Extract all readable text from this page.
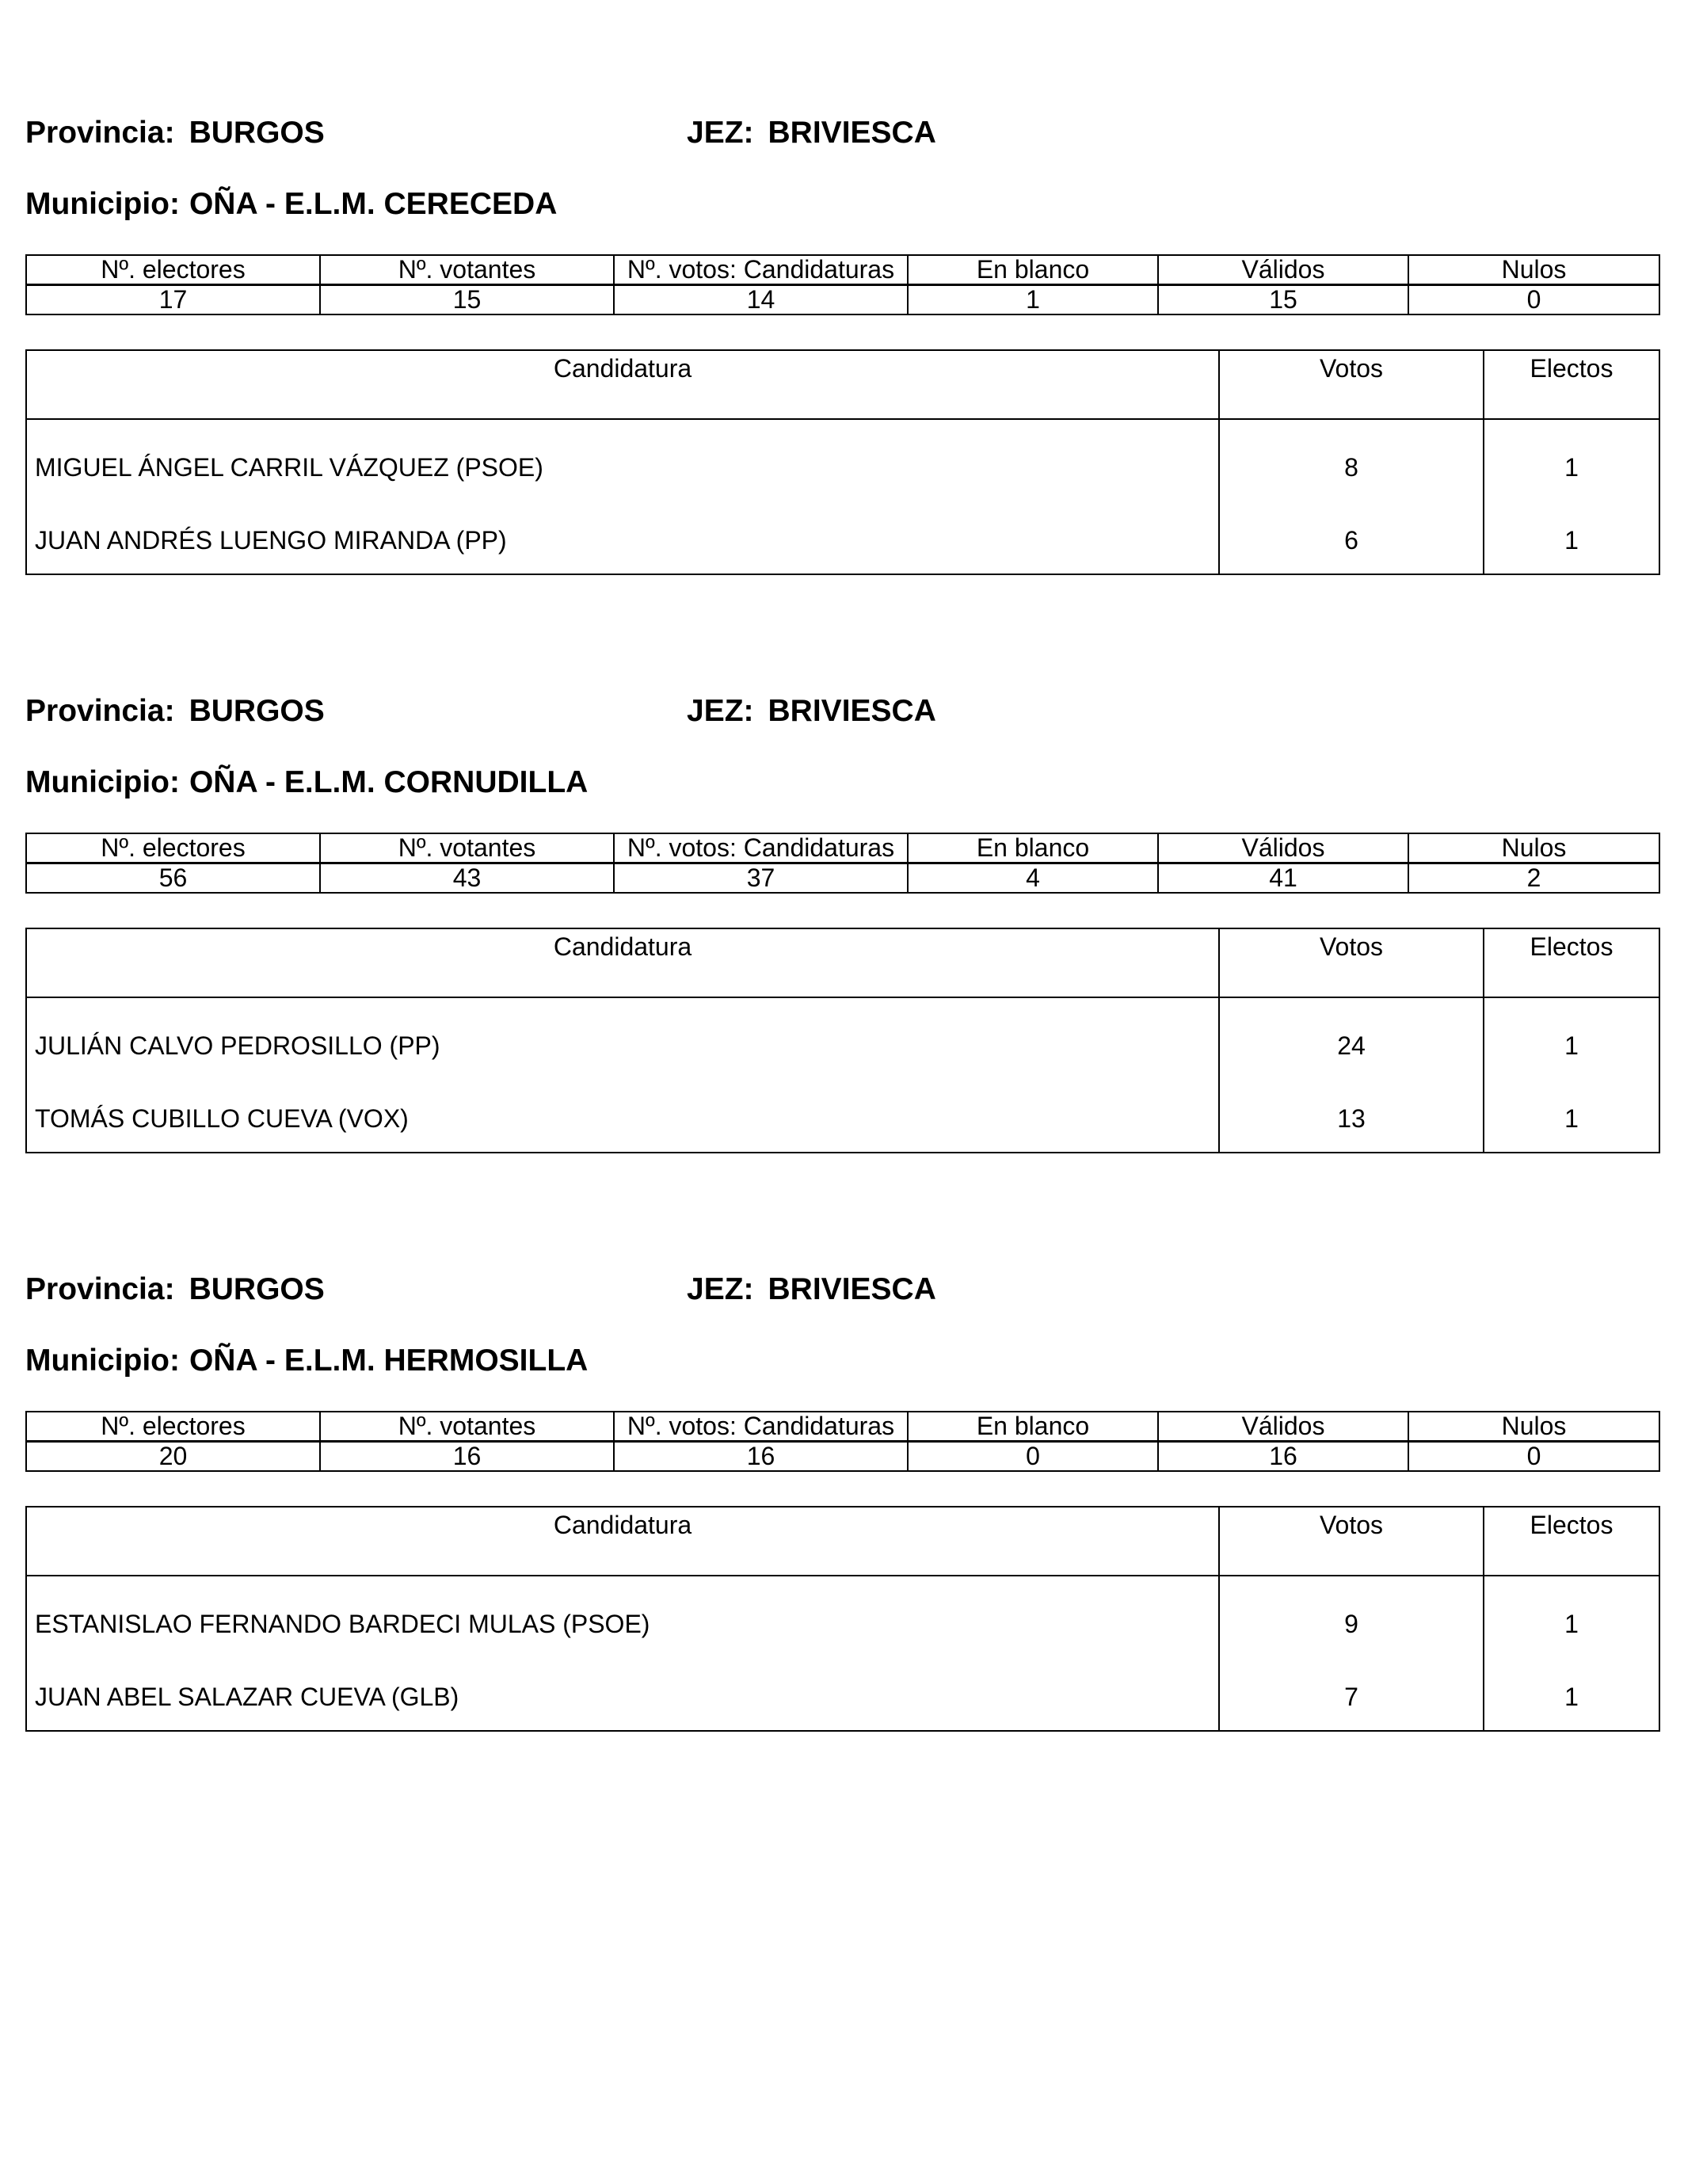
Provincia: BURGOS	JEZ: BRIVIESCA
Municipio: OÑA - E.L.M. CERECEDA
Nº. electores	Nº. votantes	Nº. votos: Candidaturas	En blanco	Válidos	Nulos
17	15	14	1	15	0
Candidatura	Votos	Electos
MIGUEL ÁNGEL CARRIL VÁZQUEZ (PSOE)	8	1
JUAN ANDRÉS LUENGO MIRANDA (PP)	6	1
Provincia: BURGOS	JEZ: BRIVIESCA
Municipio: OÑA - E.L.M. CORNUDILLA
Nº. electores	Nº. votantes	Nº. votos: Candidaturas	En blanco	Válidos	Nulos
56	43	37	4	41	2
Candidatura	Votos	Electos
JULIÁN CALVO PEDROSILLO (PP)	24	1
TOMÁS CUBILLO CUEVA (VOX)	13	1
Provincia: BURGOS	JEZ: BRIVIESCA
Municipio: OÑA - E.L.M. HERMOSILLA
Nº. electores	Nº. votantes	Nº. votos: Candidaturas	En blanco	Válidos	Nulos
20	16	16	0	16	0
Candidatura	Votos	Electos
ESTANISLAO FERNANDO BARDECI MULAS (PSOE)	9	1
JUAN ABEL SALAZAR CUEVA (GLB)	7	1
